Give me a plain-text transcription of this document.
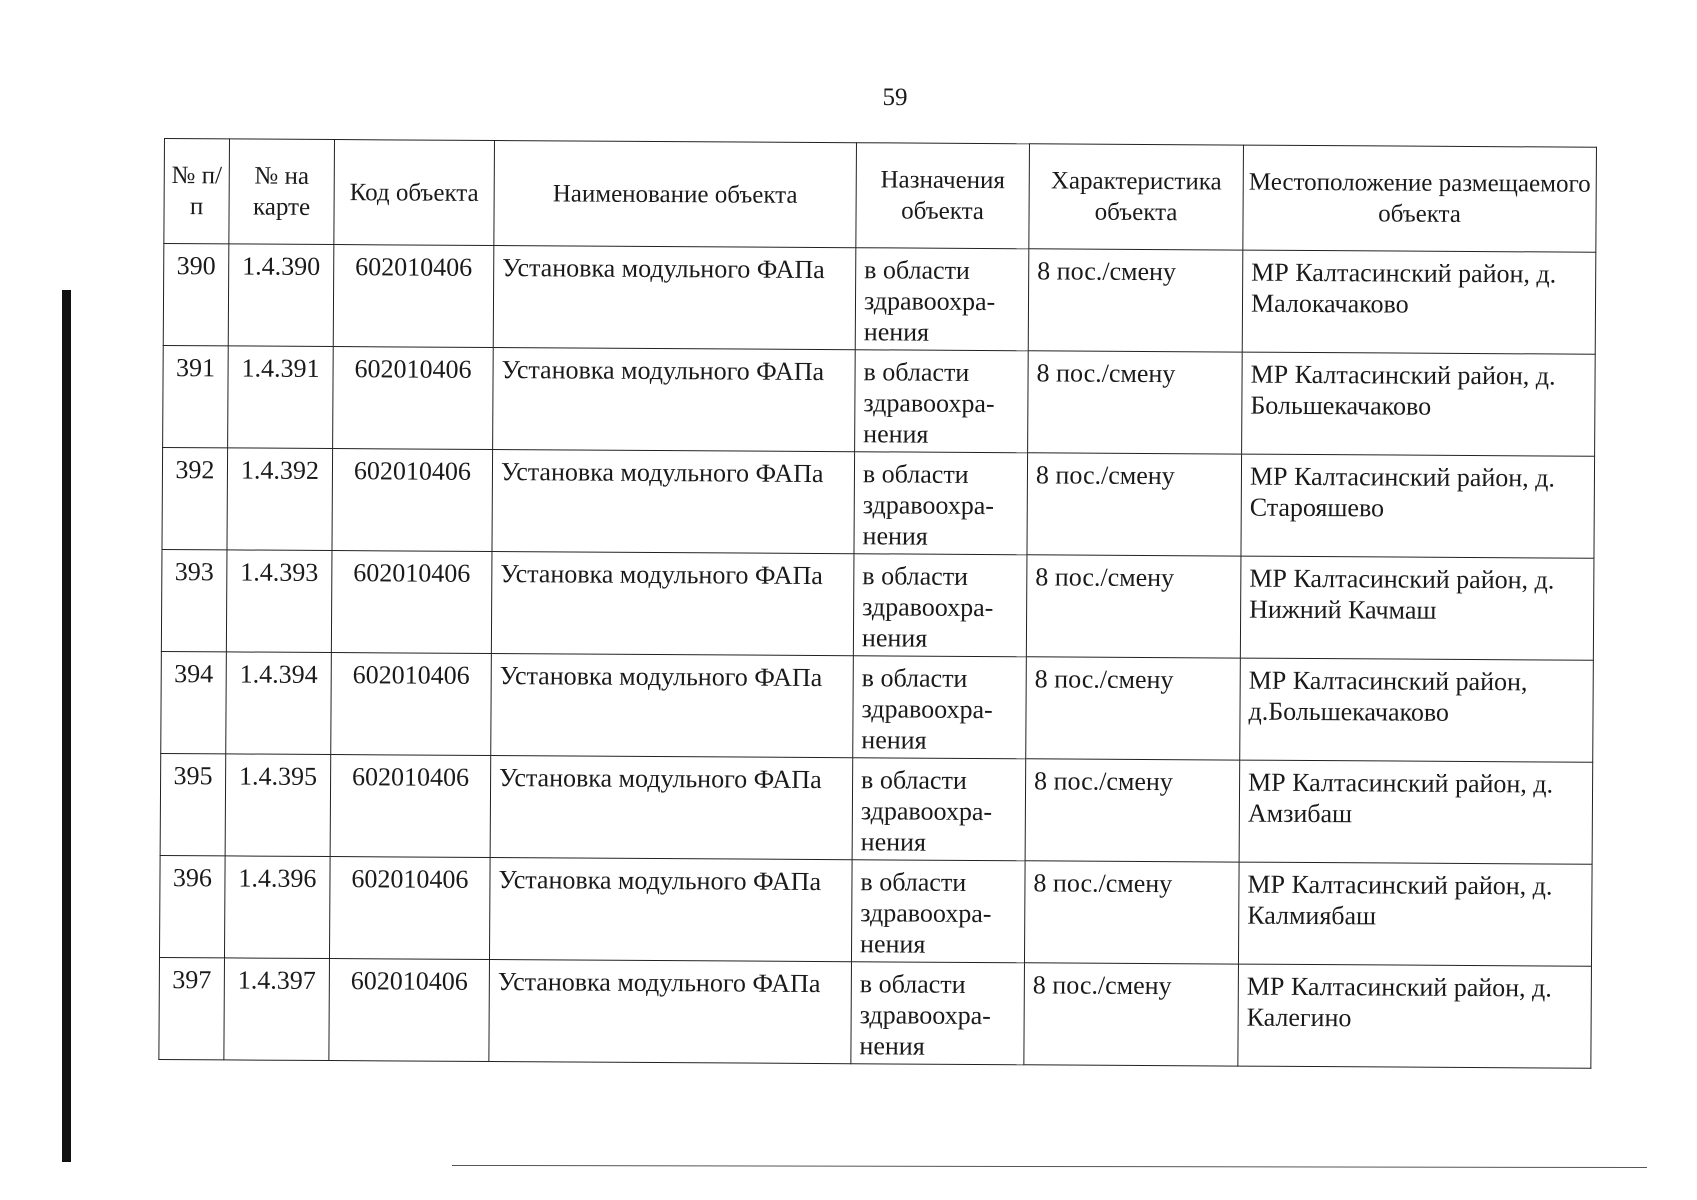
59
№ п/п	№ на карте	Код объекта	Наименование объекта	Назначения объекта	Характеристика объекта	Местоположение размещаемого объекта
390	1.4.390	602010406	Установка модульного ФАПа	в области здравоохра-нения	8 пос./смену	МР Калтасинский район, д. Малокачаково
391	1.4.391	602010406	Установка модульного ФАПа	в области здравоохра-нения	8 пос./смену	МР Калтасинский район, д. Большекачаково
392	1.4.392	602010406	Установка модульного ФАПа	в области здравоохра-нения	8 пос./смену	МР Калтасинский район, д. Старояшево
393	1.4.393	602010406	Установка модульного ФАПа	в области здравоохра-нения	8 пос./смену	МР Калтасинский район, д. Нижний Качмаш
394	1.4.394	602010406	Установка модульного ФАПа	в области здравоохра-нения	8 пос./смену	МР Калтасинский район, д.Большекачаково
395	1.4.395	602010406	Установка модульного ФАПа	в области здравоохра-нения	8 пос./смену	МР Калтасинский район, д. Амзибаш
396	1.4.396	602010406	Установка модульного ФАПа	в области здравоохра-нения	8 пос./смену	МР Калтасинский район, д. Калмиябаш
397	1.4.397	602010406	Установка модульного ФАПа	в области здравоохра-нения	8 пос./смену	МР Калтасинский район, д. Калегино
